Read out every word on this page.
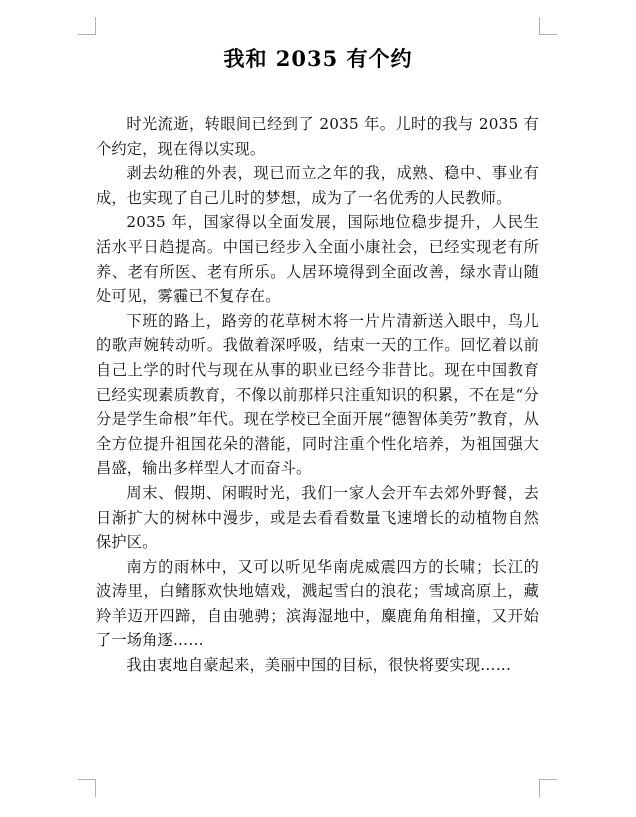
我和 2035 有个约

时光流逝，转眼间已经到了 2035 年。儿时的我与 2035 有个约定，现在得以实现。

剥去幼稚的外表，现已而立之年的我，成熟、稳中、事业有成，也实现了自己儿时的梦想，成为了一名优秀的人民教师。

2035 年，国家得以全面发展，国际地位稳步提升，人民生活水平日趋提高。中国已经步入全面小康社会，已经实现老有所养、老有所医、老有所乐。人居环境得到全面改善，绿水青山随处可见，雾霾已不复存在。

下班的路上，路旁的花草树木将一片片清新送入眼中，鸟儿的歌声婉转动听。我做着深呼吸，结束一天的工作。回忆着以前自己上学的时代与现在从事的职业已经今非昔比。现在中国教育已经实现素质教育，不像以前那样只注重知识的积累，不在是“分分是学生命根”年代。现在学校已全面开展“德智体美劳”教育，从全方位提升祖国花朵的潜能，同时注重个性化培养，为祖国强大昌盛，输出多样型人才而奋斗。

周末、假期、闲暇时光，我们一家人会开车去郊外野餐，去日渐扩大的树林中漫步，或是去看看数量飞速增长的动植物自然保护区。

南方的雨林中，又可以听见华南虎威震四方的长啸；长江的波涛里，白鳍豚欢快地嬉戏，溅起雪白的浪花；雪域高原上，藏羚羊迈开四蹄，自由驰骋；滨海湿地中，麋鹿角角相撞，又开始了一场角逐……

我由衷地自豪起来，美丽中国的目标，很快将要实现……
